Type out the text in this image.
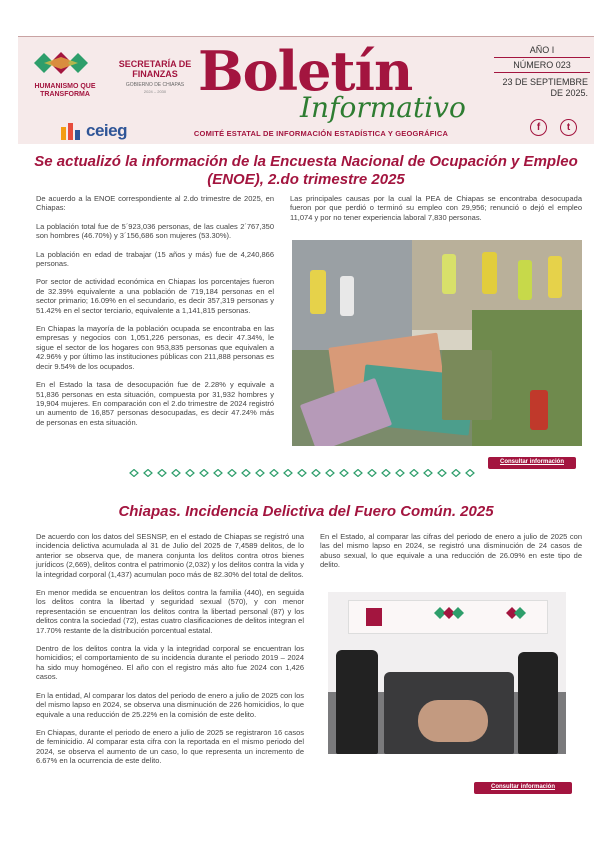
HUMANISMO QUE TRANSFORMA
SECRETARÍA DE FINANZAS
GOBIERNO DE CHIAPAS
2024 – 2030
ceieg
Boletín
Informativo
COMITÉ ESTATAL DE INFORMACIÓN ESTADÍSTICA Y GEOGRÁFICA
AÑO I
NÚMERO 023
23 DE SEPTIEMBRE DE 2025.
f	t
Se actualizó la información de la Encuesta Nacional de Ocupación y Empleo (ENOE), 2.do trimestre 2025

De acuerdo a la ENOE correspondiente al 2.do trimestre de 2025, en Chiapas:

La población total fue de 5´923,036 personas, de las cuales 2´767,350 son hombres (46.70%) y 3´156,686 son mujeres (53.30%).

La población en edad de trabajar (15 años y más) fue de 4,240,866 personas.

Por sector de actividad económica en Chiapas los porcentajes fueron de 32.39% equivalente a una población de 719,184 personas en el sector primario; 16.09% en el secundario, es decir 357,319 personas y 51.42% en el sector terciario, equivalente a 1,141,815 personas.

En Chiapas la mayoría de la población ocupada se encontraba en las empresas y negocios con 1,051,226 personas, es decir 47.34%, le sigue el sector de los hogares con 953,835 personas que equivalen a 42.96% y por último las instituciones públicas con 211,888 personas es decir 9.54% de los ocupados.

En el Estado la tasa de desocupación fue de 2.28% y equivale a 51,836 personas en esta situación, compuesta por 31,932 hombres y 19,904 mujeres. En comparación con el 2.do trimestre de 2024 registró un aumento de 16,857 personas desocupadas, es decir 47.24% más de personas en esta situación.

Las principales causas por la cual la PEA de Chiapas se encontraba desocupada fueron por que perdió o terminó su empleo con 29,956; renunció o dejó el empleo 11,074 y por no tener experiencia laboral 7,830 personas.

Consultar información
Chiapas. Incidencia Delictiva del Fuero Común. 2025

De acuerdo con los datos del SESNSP, en el estado de Chiapas se registró una incidencia delictiva acumulada al 31 de Julio del 2025 de 7,4589 delitos, de lo anterior se observa que, de manera conjunta los delitos contra otros bienes jurídicos (2,669), delitos contra el patrimonio (2,032) y los delitos contra la vida y la integridad corporal (1,437) acumulan poco más de 82.30% del total de delitos.

En menor medida se encuentran los delitos contra la familia (440), en seguida los delitos contra la libertad y seguridad sexual (570), y con menor representación se encuentran los delitos contra la libertad personal (87) y los delitos contra la sociedad (72), estas cuatro clasificaciones de delitos integran el 17.70% restante de la distribución porcentual estatal.

Dentro de los delitos contra la vida y la integridad corporal se encuentran los homicidios; el comportamiento de su incidencia durante el periodo 2019 – 2024 ha sido muy homogéneo. El año con el registro más alto fue 2024 con 1,426 casos.

En la entidad, Al comparar los datos del periodo de enero a julio de 2025 con los del mismo lapso en 2024, se observa una disminución de 226 homicidios, lo que equivale a una reducción de 25.22% en la comisión de este delito.

En Chiapas, durante el periodo de enero a julio de 2025 se registraron 16 casos de feminicidio. Al comparar esta cifra con la reportada en el mismo periodo del 2024, se observa el aumento de un caso, lo que representa un incremento de 6.67% en la ocurrencia de este delito.

En el Estado, al comparar las cifras del periodo de enero a julio de 2025 con las del mismo lapso en 2024, se registró una disminución de 24 casos de abuso sexual, lo que equivale a una reducción de 26.09% en este tipo de delito.

Consultar información
